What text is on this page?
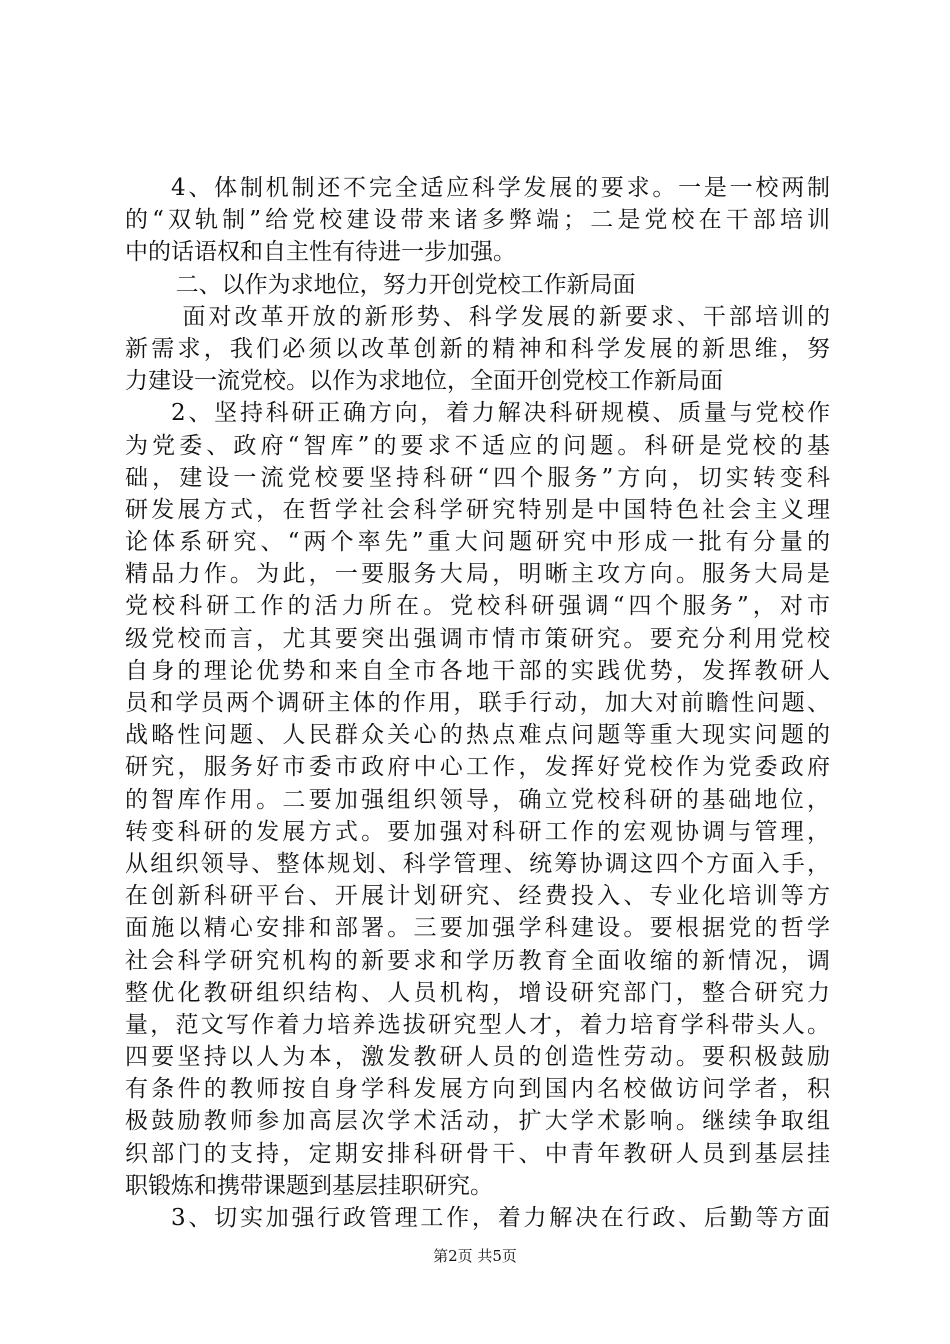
4、体制机制还不完全适应科学发展的要求。一是一校两制
的“双轨制”给党校建设带来诸多弊端；二是党校在干部培训
中的话语权和自主性有待进一步加强。
二、以作为求地位，努力开创党校工作新局面
面对改革开放的新形势、科学发展的新要求、干部培训的
新需求，我们必须以改革创新的精神和科学发展的新思维，努
力建设一流党校。以作为求地位，全面开创党校工作新局面
2、坚持科研正确方向，着力解决科研规模、质量与党校作
为党委、政府“智库”的要求不适应的问题。科研是党校的基
础，建设一流党校要坚持科研“四个服务”方向，切实转变科
研发展方式，在哲学社会科学研究特别是中国特色社会主义理
论体系研究、“两个率先”重大问题研究中形成一批有分量的
精品力作。为此，一要服务大局，明晰主攻方向。服务大局是
党校科研工作的活力所在。党校科研强调“四个服务”，对市
级党校而言，尤其要突出强调市情市策研究。要充分利用党校
自身的理论优势和来自全市各地干部的实践优势，发挥教研人
员和学员两个调研主体的作用，联手行动，加大对前瞻性问题、
战略性问题、人民群众关心的热点难点问题等重大现实问题的
研究，服务好市委市政府中心工作，发挥好党校作为党委政府
的智库作用。二要加强组织领导，确立党校科研的基础地位，
转变科研的发展方式。要加强对科研工作的宏观协调与管理，
从组织领导、整体规划、科学管理、统筹协调这四个方面入手，
在创新科研平台、开展计划研究、经费投入、专业化培训等方
面施以精心安排和部署。三要加强学科建设。要根据党的哲学
社会科学研究机构的新要求和学历教育全面收缩的新情况，调
整优化教研组织结构、人员机构，增设研究部门，整合研究力
量，范文写作着力培养选拔研究型人才，着力培育学科带头人。
四要坚持以人为本，激发教研人员的创造性劳动。要积极鼓励
有条件的教师按自身学科发展方向到国内名校做访问学者，积
极鼓励教师参加高层次学术活动，扩大学术影响。继续争取组
织部门的支持，定期安排科研骨干、中青年教研人员到基层挂
职锻炼和携带课题到基层挂职研究。
3、切实加强行政管理工作，着力解决在行政、后勤等方面
第2页 共5页
